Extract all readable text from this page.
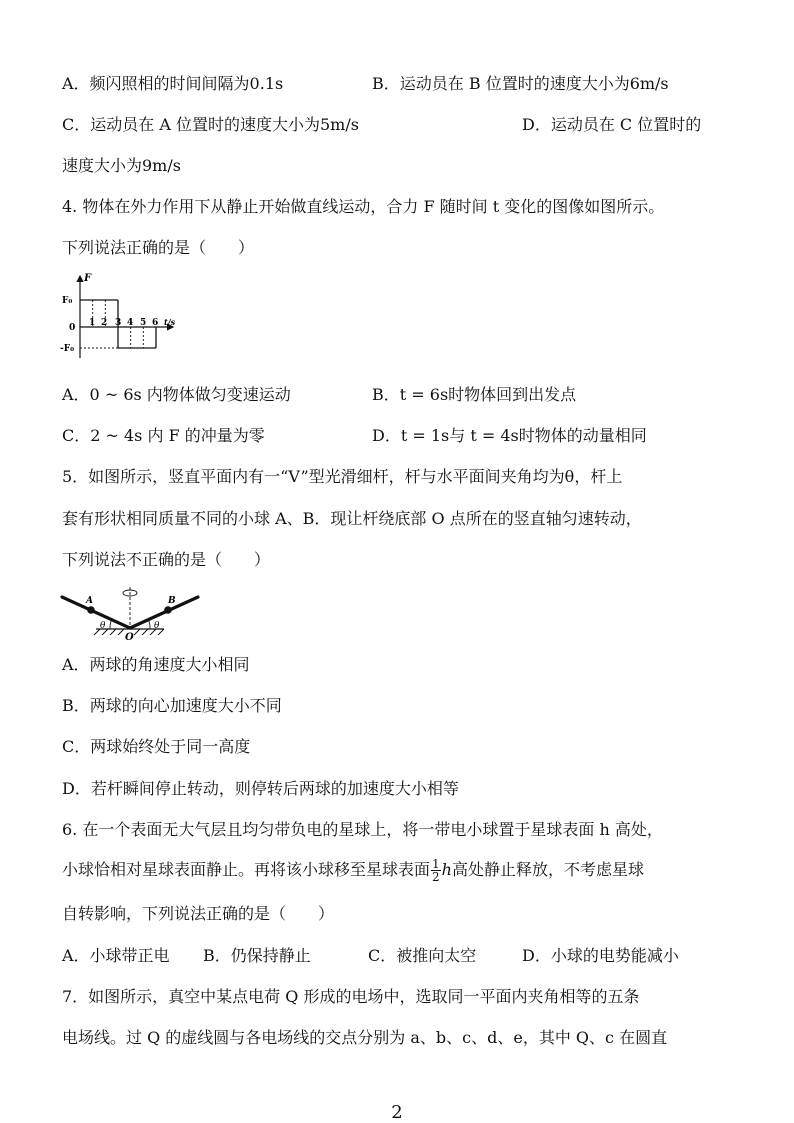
A．频闪照相的时间间隔为0.1s	B．运动员在 B 位置时的速度大小为6m/s
C．运动员在 A 位置时的速度大小为5m/s	D．运动员在 C 位置时的
速度大小为9m/s
4. 物体在外力作用下从静止开始做直线运动，合力 F 随时间 t 变化的图像如图所示。
下列说法正确的是（　　）
F
F₀
0
-F₀
1 2 3 4 5 6 t/s
A．0 ~ 6s 内物体做匀变速运动	B．t = 6s时物体回到出发点
C．2 ~ 4s 内 F 的冲量为零	D．t = 1s与 t = 4s时物体的动量相同
5．如图所示，竖直平面内有一“V”型光滑细杆，杆与水平面间夹角均为θ，杆上
套有形状相同质量不同的小球 A、B．现让杆绕底部 O 点所在的竖直轴匀速转动，
下列说法不正确的是（　　）
A	B
O
θ	θ
A．两球的角速度大小相同
B．两球的向心加速度大小不同
C．两球始终处于同一高度
D．若杆瞬间停止转动，则停转后两球的加速度大小相等
6. 在一个表面无大气层且均匀带负电的星球上，将一带电小球置于星球表面 h 高处，
小球恰相对星球表面静止。再将该小球移至星球表面 $\frac{1}{2}$ h高处静止释放，不考虑星球
自转影响，下列说法正确的是（　　）
A．小球带正电 B．仍保持静止	C．被推向太空	D．小球的电势能减小
7．如图所示，真空中某点电荷 Q 形成的电场中，选取同一平面内夹角相等的五条
电场线。过 Q 的虚线圆与各电场线的交点分别为 a、b、c、d、e，其中 Q、c 在圆直
2
